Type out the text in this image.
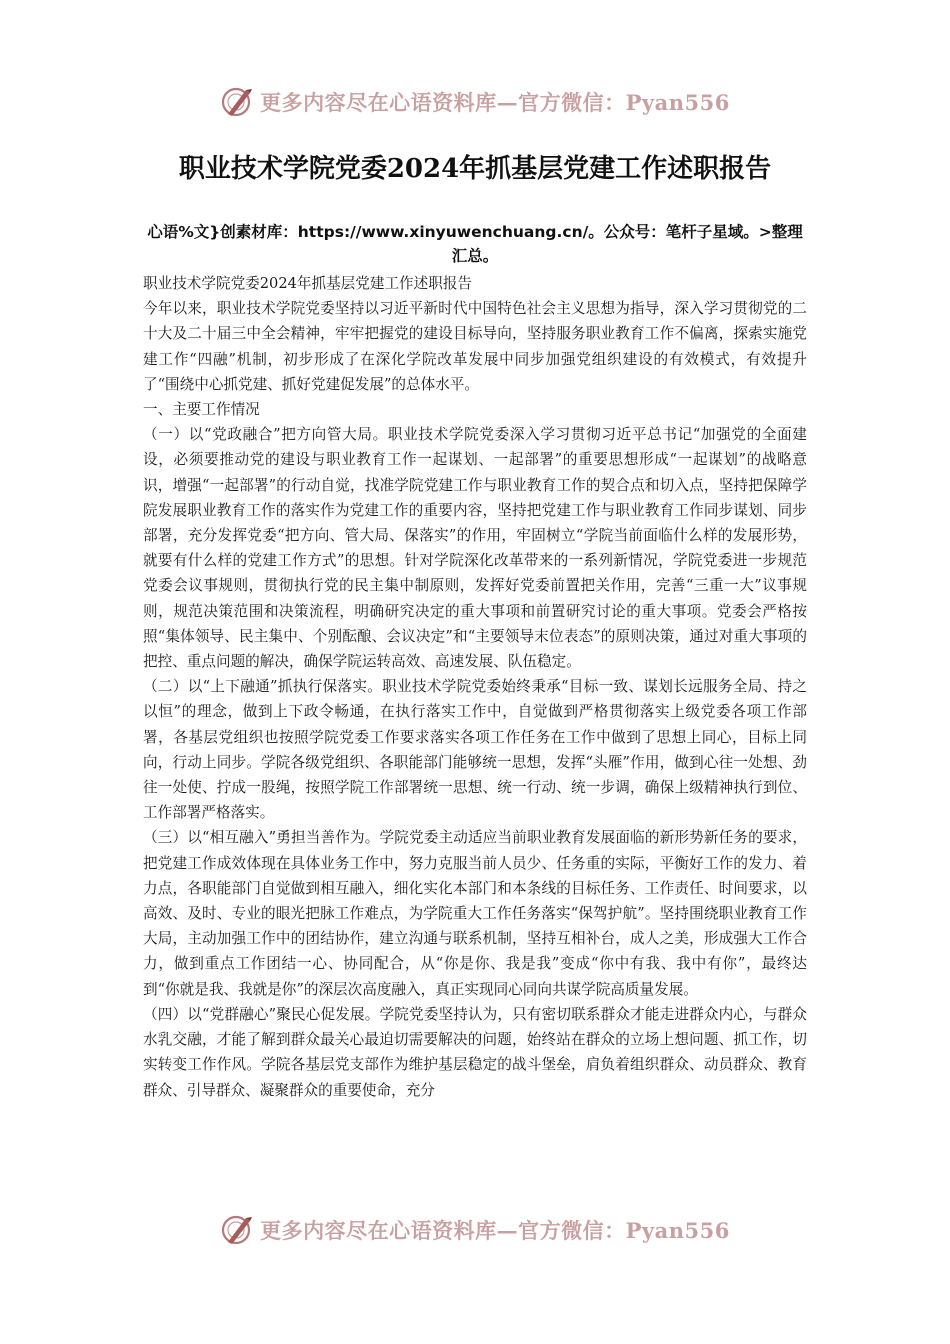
更多内容尽在心语资料库—官方微信：Pyan556
职业技术学院党委2024年抓基层党建工作述职报告
心语%文}创素材库：https://www.xinyuwenchuang.cn/。公众号：笔杆子星域。>整理汇总。

职业技术学院党委2024年抓基层党建工作述职报告

今年以来，职业技术学院党委坚持以习近平新时代中国特色社会主义思想为指导，深入学习贯彻党的二十大及二十届三中全会精神，牢牢把握党的建设目标导向，坚持服务职业教育工作不偏离，探索实施党建工作“四融”机制，初步形成了在深化学院改革发展中同步加强党组织建设的有效模式，有效提升了“围绕中心抓党建、抓好党建促发展”的总体水平。

一、主要工作情况

（一）以“党政融合”把方向管大局。职业技术学院党委深入学习贯彻习近平总书记“加强党的全面建设，必须要推动党的建设与职业教育工作一起谋划、一起部署”的重要思想形成“一起谋划”的战略意识，增强“一起部署”的行动自觉，找准学院党建工作与职业教育工作的契合点和切入点，坚持把保障学院发展职业教育工作的落实作为党建工作的重要内容，坚持把党建工作与职业教育工作同步谋划、同步部署，充分发挥党委“把方向、管大局、保落实”的作用，牢固树立“学院当前面临什么样的发展形势，就要有什么样的党建工作方式”的思想。针对学院深化改革带来的一系列新情况，学院党委进一步规范党委会议事规则，贯彻执行党的民主集中制原则，发挥好党委前置把关作用，完善“三重一大”议事规则，规范决策范围和决策流程，明确研究决定的重大事项和前置研究讨论的重大事项。党委会严格按照“集体领导、民主集中、个别酝酿、会议决定”和“主要领导末位表态”的原则决策，通过对重大事项的把控、重点问题的解决，确保学院运转高效、高速发展、队伍稳定。

（二）以“上下融通”抓执行保落实。职业技术学院党委始终秉承“目标一致、谋划长远服务全局、持之以恒”的理念，做到上下政令畅通，在执行落实工作中，自觉做到严格贯彻落实上级党委各项工作部署，各基层党组织也按照学院党委工作要求落实各项工作任务在工作中做到了思想上同心，目标上同向，行动上同步。学院各级党组织、各职能部门能够统一思想，发挥“头雁”作用，做到心往一处想、劲往一处使、拧成一股绳，按照学院工作部署统一思想、统一行动、统一步调，确保上级精神执行到位、工作部署严格落实。

（三）以“相互融入”勇担当善作为。学院党委主动适应当前职业教育发展面临的新形势新任务的要求，把党建工作成效体现在具体业务工作中，努力克服当前人员少、任务重的实际，平衡好工作的发力、着力点，各职能部门自觉做到相互融入，细化实化本部门和本条线的目标任务、工作责任、时间要求，以高效、及时、专业的眼光把脉工作难点，为学院重大工作任务落实“保驾护航”。坚持围绕职业教育工作大局，主动加强工作中的团结协作，建立沟通与联系机制，坚持互相补台，成人之美，形成强大工作合力，做到重点工作团结一心、协同配合，从“你是你、我是我”变成“你中有我、我中有你”，最终达到“你就是我、我就是你”的深层次高度融入，真正实现同心同向共谋学院高质量发展。

（四）以“党群融心”聚民心促发展。学院党委坚持认为，只有密切联系群众才能走进群众内心，与群众水乳交融，才能了解到群众最关心最迫切需要解决的问题，始终站在群众的立场上想问题、抓工作，切实转变工作作风。学院各基层党支部作为维护基层稳定的战斗堡垒，肩负着组织群众、动员群众、教育群众、引导群众、凝聚群众的重要使命，充分

更多内容尽在心语资料库—官方微信：Pyan556
